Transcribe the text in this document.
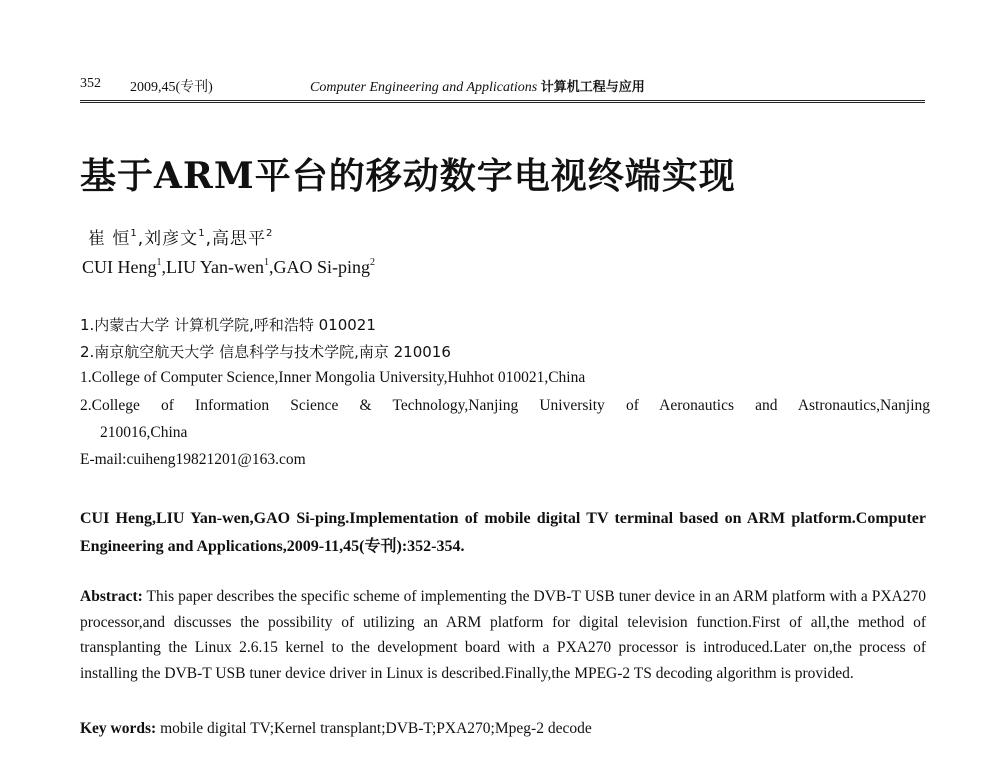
352 2009,45(专刊)	Computer Engineering and Applications 计算机工程与应用
基于ARM平台的移动数字电视终端实现
崔 恒$^1$,刘彦文$^1$,高思平$^2$
CUI Heng$^1$,LIU Yan-wen$^1$,GAO Si-ping$^2$
1.内蒙古大学 计算机学院,呼和浩特 010021
2.南京航空航天大学 信息科学与技术学院,南京 210016
1.College of Computer Science,Inner Mongolia University,Huhhot 010021,China
2.College of Information Science & Technology,Nanjing University of Aeronautics and Astronautics,Nanjing
210016,China
E-mail:cuiheng19821201@163.com
CUI Heng,LIU Yan-wen,GAO Si-ping.Implementation of mobile digital TV terminal based on ARM platform.Computer Engineering and Applications,2009-11,45(专刊):352-354.
Abstract: This paper describes the specific scheme of implementing the DVB-T USB tuner device in an ARM platform with a PXA270 processor,and discusses the possibility of utilizing an ARM platform for digital television function.First of all,the method of transplanting the Linux 2.6.15 kernel to the development board with a PXA270 processor is introduced.Later on,the process of installing the DVB-T USB tuner device driver in Linux is described.Finally,the MPEG-2 TS decoding algorithm is provided.
Key words: mobile digital TV;Kernel transplant;DVB-T;PXA270;Mpeg-2 decode
